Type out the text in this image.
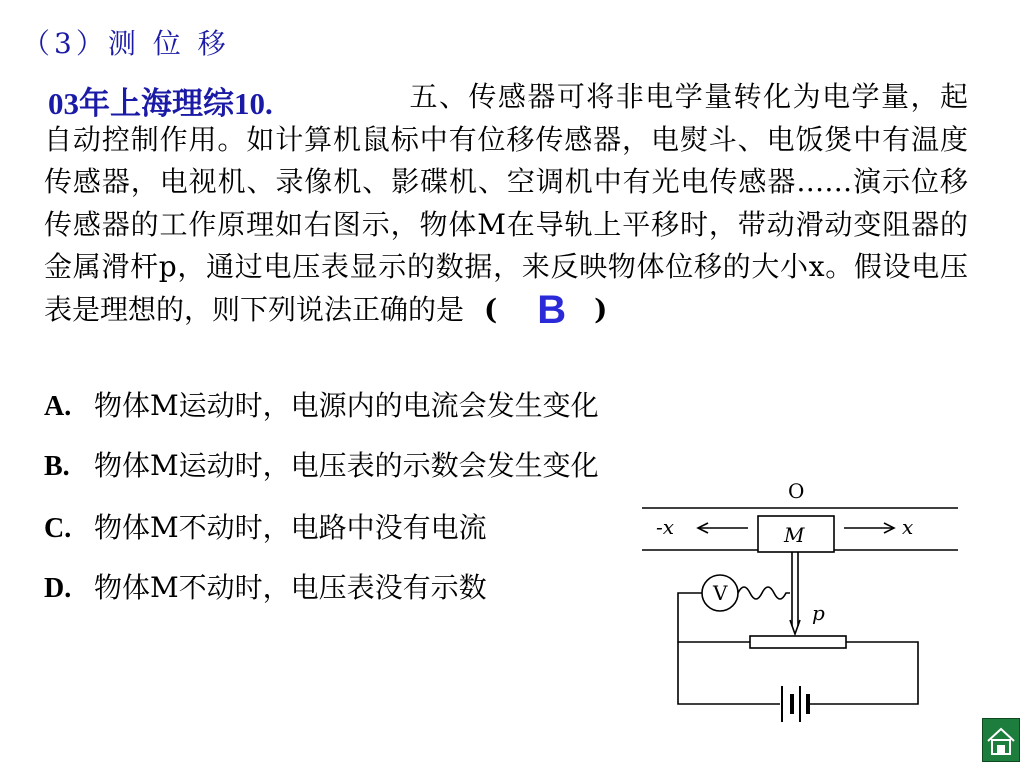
（3）测 位 移
03年上海理综10.	五、传感器可将非电学量转化为电学量，起自动控制作用。如计算机鼠标中有位移传感器，电熨斗、电饭煲中有温度传感器，电视机、录像机、影碟机、空调机中有光电传感器……演示位移传感器的工作原理如右图示，物体M在导轨上平移时，带动滑动变阻器的金属滑杆p，通过电压表显示的数据，来反映物体位移的大小x。假设电压表是理想的，则下列说法正确的是 ( B )
A. 物体M运动时，电源内的电流会发生变化
B. 物体M运动时，电压表的示数会发生变化
C. 物体M不动时，电路中没有电流
D. 物体M不动时，电压表没有示数
O
-x	x
M
V
p
